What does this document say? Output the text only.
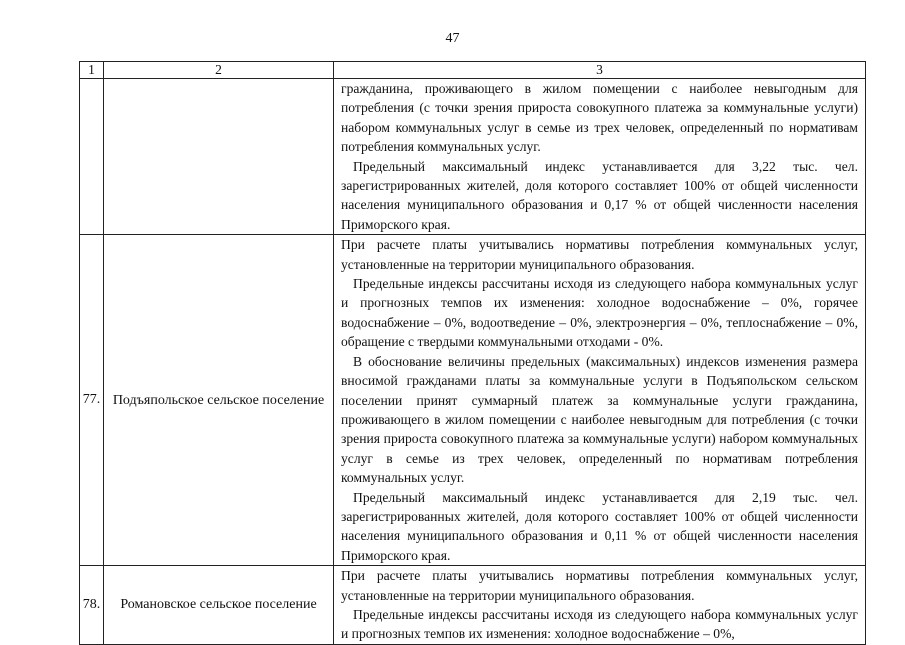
47
1	2	3

		гражданина, проживающего в жилом помещении с наиболее невыгодным для потребления (с точки зрения прироста совокупного платежа за коммунальные услуги) набором коммунальных услуг в семье из трех человек, определенный по нормативам потребления коммунальных услуг.

Предельный максимальный индекс устанавливается для 3,22 тыс. чел. зарегистрированных жителей, доля которого составляет 100% от общей численности населения муниципального образования и 0,17 % от общей численности населения Приморского края.

77.	Подъяпольское сельское поселение	При расчете платы учитывались нормативы потребления коммунальных услуг, установленные на территории муниципального образования.

Предельные индексы рассчитаны исходя из следующего набора коммунальных услуг и прогнозных темпов их изменения: холодное водоснабжение – 0%, горячее водоснабжение – 0%, водоотведение – 0%, электроэнергия – 0%, теплоснабжение – 0%, обращение с твердыми коммунальными отходами - 0%.

В обоснование величины предельных (максимальных) индексов изменения размера вносимой гражданами платы за коммунальные услуги в Подъяпольском сельском поселении принят суммарный платеж за коммунальные услуги гражданина, проживающего в жилом помещении с наиболее невыгодным для потребления (с точки зрения прироста совокупного платежа за коммунальные услуги) набором коммунальных услуг в семье из трех человек, определенный по нормативам потребления коммунальных услуг.

Предельный максимальный индекс устанавливается для 2,19 тыс. чел. зарегистрированных жителей, доля которого составляет 100% от общей численности населения муниципального образования и 0,11 % от общей численности населения Приморского края.

78.	Романовское сельское поселение	При расчете платы учитывались нормативы потребления коммунальных услуг, установленные на территории муниципального образования.

Предельные индексы рассчитаны исходя из следующего набора коммунальных услуг и прогнозных темпов их изменения: холодное водоснабжение – 0%,
